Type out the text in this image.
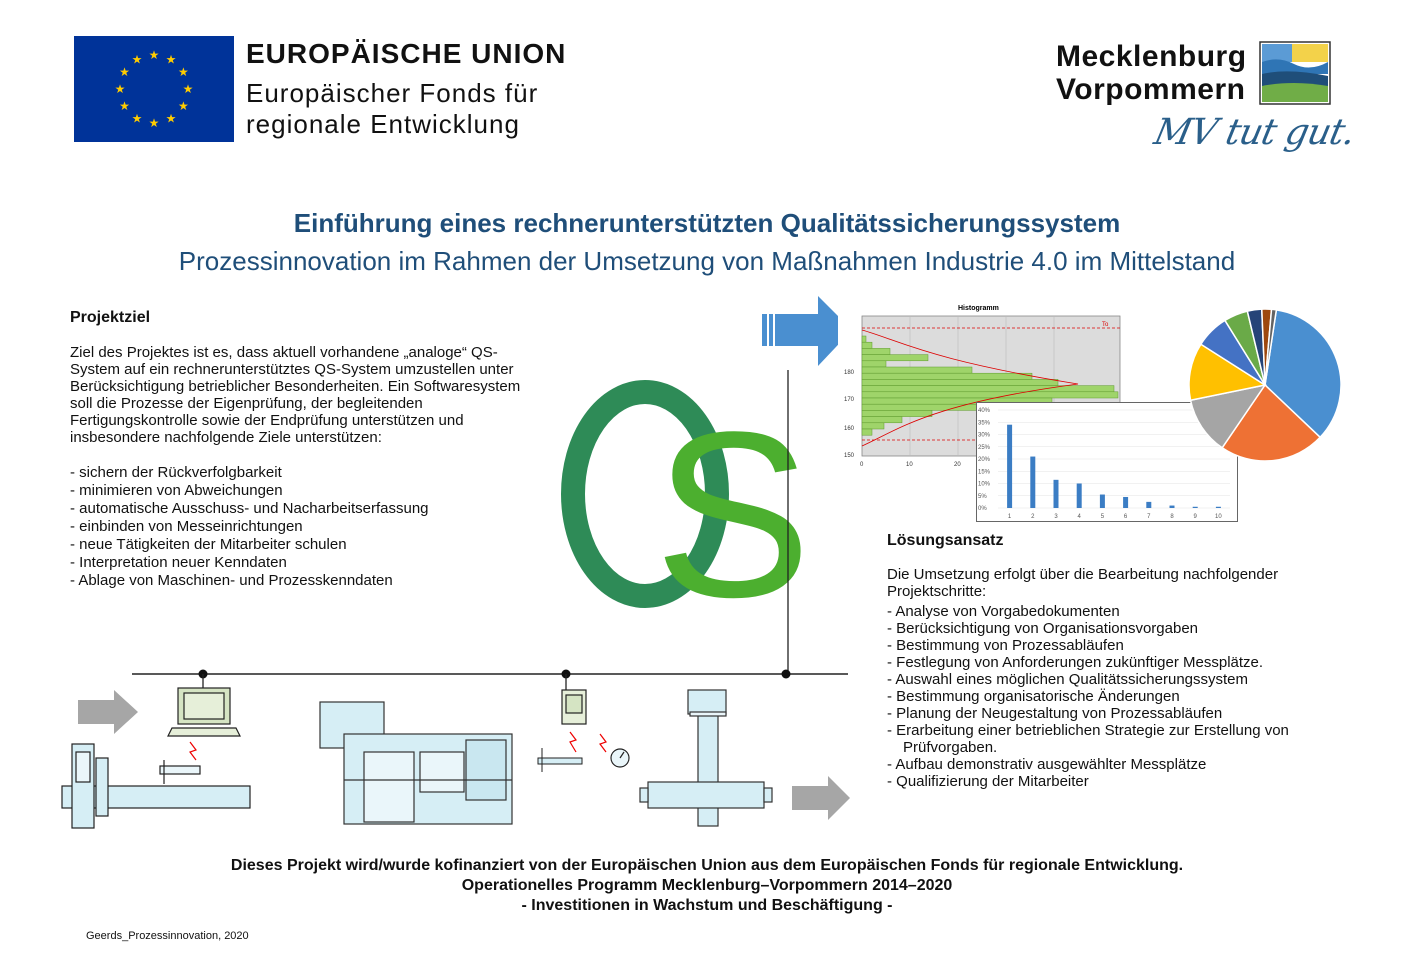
★ ★
★
★
★
★
★
★
★
★
★
★	EUROPÄISCHE UNION
Europäischer Fonds für
regionale Entwicklung
Mecklenburg
Vorpommern
MV tut gut.
Einführung eines rechnerunterstützten Qualitätssicherungssystem
Prozessinnovation im Rahmen der Umsetzung von Maßnahmen Industrie 4.0 im Mittelstand
Projektziel
Ziel des Projektes ist es, dass aktuell vorhandene „analoge“ QS-System auf ein rechnerunterstütztes QS-System umzustellen unter Berücksichtigung betrieblicher Besonderheiten. Ein Softwaresystem soll die Prozesse der Eigenprüfung, der begleitenden Fertigungskontrolle sowie der Endprüfung unterstützen und insbesondere nachfolgende Ziele unterstützen:
- sichern der Rückverfolgbarkeit
- minimieren von Abweichungen
- automatische Ausschuss- und Nacharbeitserfassung
- einbinden von Messeinrichtungen
- neue Tätigkeiten der Mitarbeiter schulen
- Interpretation neuer Kenndaten
- Ablage von Maschinen- und Prozesskenndaten S
Histogramm
To
180
170
160
150
0	10	20
0%
5%
10%
15%
20%
25%
30%
35%
40%
1	2	3	4	5	6	7	8	9	10
Lösungsansatz
Die Umsetzung erfolgt über die Bearbeitung nachfolgender Projektschritte:
- Analyse von Vorgabedokumenten
- Berücksichtigung von Organisationsvorgaben
- Bestimmung von Prozessabläufen
- Festlegung von Anforderungen zukünftiger Messplätze.
- Auswahl eines möglichen Qualitätssicherungssystem
- Bestimmung organisatorische Änderungen
- Planung der Neugestaltung von Prozessabläufen
- Erarbeitung einer betrieblichen Strategie zur Erstellung von
Prüfvorgaben.
- Aufbau demonstrativ ausgewählter Messplätze
- Qualifizierung der Mitarbeiter
Dieses Projekt wird/wurde kofinanziert von der Europäischen Union aus dem Europäischen Fonds für regionale Entwicklung.
Operationelles Programm Mecklenburg–Vorpommern 2014–2020
- Investitionen in Wachstum und Beschäftigung -
Geerds_Prozessinnovation, 2020
